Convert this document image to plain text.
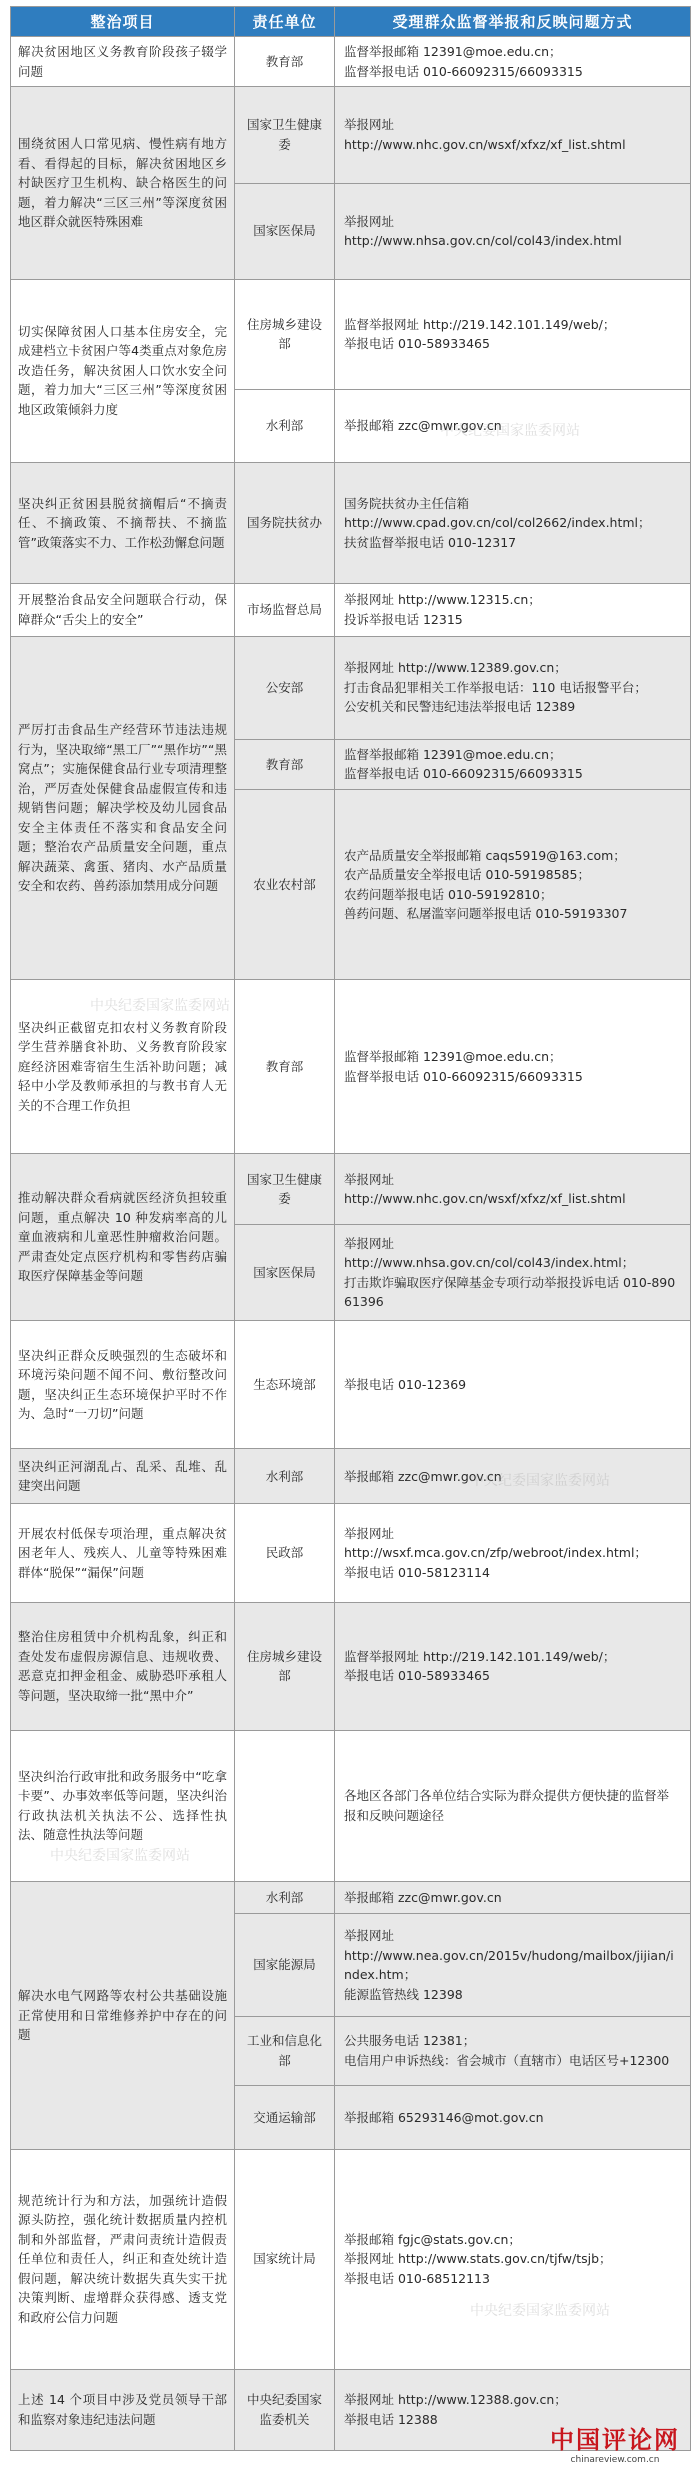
整治项目	责任单位	受理群众监督举报和反映问题方式
解决贫困地区义务教育阶段孩子辍学问题	教育部	监督举报邮箱 12391@moe.edu.cn；
监督举报电话 010-66092315/66093315

围绕贫困人口常见病、慢性病有地方看、看得起的目标，解决贫困地区乡村缺医疗卫生机构、缺合格医生的问题，着力解决“三区三州”等深度贫困地区群众就医特殊困难	国家卫生健康委	举报网址
http://www.nhc.gov.cn/wsxf/xfxz/xf_list.shtml

	国家医保局	举报网址
http://www.nhsa.gov.cn/col/col43/index.html

切实保障贫困人口基本住房安全，完成建档立卡贫困户等4类重点对象危房改造任务，解决贫困人口饮水安全问题，着力加大“三区三州”等深度贫困地区政策倾斜力度	住房城乡建设部	监督举报网址 http://219.142.101.149/web/；
举报电话 010-58933465

	水利部	举报邮箱 zzc@mwr.gov.cn
坚决纠正贫困县脱贫摘帽后“不摘责任、不摘政策、不摘帮扶、不摘监管”政策落实不力、工作松劲懈怠问题	国务院扶贫办	国务院扶贫办主任信箱
http://www.cpad.gov.cn/col/col2662/index.html；
扶贫监督举报电话 010-12317

开展整治食品安全问题联合行动，保障群众“舌尖上的安全”	市场监督总局	举报网址 http://www.12315.cn；
投诉举报电话 12315

严厉打击食品生产经营环节违法违规行为，坚决取缔“黑工厂”“黑作坊”“黑窝点”；实施保健食品行业专项清理整治，严厉查处保健食品虚假宣传和违规销售问题；解决学校及幼儿园食品安全主体责任不落实和食品安全问题；整治农产品质量安全问题，重点解决蔬菜、禽蛋、猪肉、水产品质量安全和农药、兽药添加禁用成分问题	公安部	举报网址 http://www.12389.gov.cn；
打击食品犯罪相关工作举报电话：110 电话报警平台；
公安机关和民警违纪违法举报电话 12389

	教育部	监督举报邮箱 12391@moe.edu.cn；
监督举报电话 010-66092315/66093315

	农业农村部	农产品质量安全举报邮箱 caqs5919@163.com；
农产品质量安全举报电话 010-59198585；
农药问题举报电话 010-59192810；
兽药问题、私屠滥宰问题举报电话 010-59193307

坚决纠正截留克扣农村义务教育阶段学生营养膳食补助、义务教育阶段家庭经济困难寄宿生生活补助问题；减轻中小学及教师承担的与教书育人无关的不合理工作负担	教育部	监督举报邮箱 12391@moe.edu.cn；
监督举报电话 010-66092315/66093315

推动解决群众看病就医经济负担较重问题，重点解决 10 种发病率高的儿童血液病和儿童恶性肿瘤救治问题。严肃查处定点医疗机构和零售药店骗取医疗保障基金等问题	国家卫生健康委	举报网址
http://www.nhc.gov.cn/wsxf/xfxz/xf_list.shtml

	国家医保局	举报网址
http://www.nhsa.gov.cn/col/col43/index.html；
打击欺诈骗取医疗保障基金专项行动举报投诉电话 010-89061396

坚决纠正群众反映强烈的生态破坏和环境污染问题不闻不问、敷衍整改问题，坚决纠正生态环境保护平时不作为、急时“一刀切”问题	生态环境部	举报电话 010-12369
坚决纠正河湖乱占、乱采、乱堆、乱建突出问题	水利部	举报邮箱 zzc@mwr.gov.cn
开展农村低保专项治理，重点解决贫困老年人、残疾人、儿童等特殊困难群体“脱保”“漏保”问题	民政部	举报网址
http://wsxf.mca.gov.cn/zfp/webroot/index.html；
举报电话 010-58123114

整治住房租赁中介机构乱象，纠正和查处发布虚假房源信息、违规收费、恶意克扣押金租金、威胁恐吓承租人等问题，坚决取缔一批“黑中介”	住房城乡建设部	监督举报网址 http://219.142.101.149/web/；
举报电话 010-58933465

坚决纠治行政审批和政务服务中“吃拿卡要”、办事效率低等问题，坚决纠治行政执法机关执法不公、选择性执法、随意性执法等问题		各地区各部门各单位结合实际为群众提供方便快捷的监督举报和反映问题途径
解决水电气网路等农村公共基础设施正常使用和日常维修养护中存在的问题	水利部	举报邮箱 zzc@mwr.gov.cn
	国家能源局	举报网址
http://www.nea.gov.cn/2015v/hudong/mailbox/jijian/index.htm；
能源监管热线 12398

	工业和信息化部	公共服务电话 12381；
电信用户申诉热线：省会城市（直辖市）电话区号+12300

	交通运输部	举报邮箱 65293146@mot.gov.cn
规范统计行为和方法，加强统计造假源头防控，强化统计数据质量内控机制和外部监督，严肃问责统计造假责任单位和责任人，纠正和查处统计造假问题，解决统计数据失真失实干扰决策判断、虚增群众获得感、透支党和政府公信力问题	国家统计局	举报邮箱 fgjc@stats.gov.cn；
举报网址 http://www.stats.gov.cn/tjfw/tsjb；
举报电话 010-68512113

上述 14 个项目中涉及党员领导干部和监察对象违纪违法问题	中央纪委国家监委机关	举报网址 http://www.12388.gov.cn；
举报电话 12388
中央纪委国家监委网站
中央纪委国家监委网站
中央纪委国家监委网站
中央纪委国家监委网站
中央纪委国家监委网站
中国评论网
chinareview.com.cn
